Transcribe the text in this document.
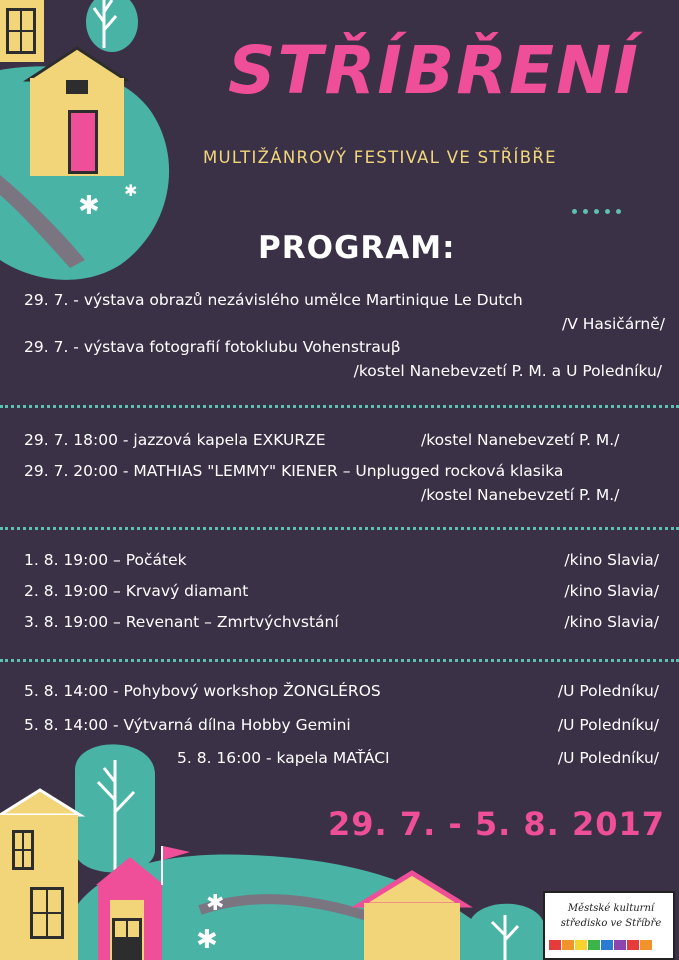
✱
✱
✱
✱
STŘÍBŘENÍ
MULTIŽÁNROVÝ FESTIVAL VE STŘÍBŘE
PROGRAM:
29. 7. - výstava obrazů nezávislého umělce Martinique Le Dutch
/V Hasičárně/
29. 7. - výstava fotografií fotoklubu Vohenstrauβ
/kostel Nanebevzetí P. M. a U Poledníku/
29. 7. 18:00 - jazzová kapela EXKURZE	/kostel Nanebevzetí P. M./
29. 7. 20:00 - MATHIAS "LEMMY" KIENER – Unplugged rocková klasika
/kostel Nanebevzetí P. M./
1. 8. 19:00 – Počátek	/kino Slavia/
2. 8. 19:00 – Krvavý diamant	/kino Slavia/
3. 8. 19:00 – Revenant – Zmrtvýchvstání	/kino Slavia/
5. 8. 14:00 - Pohybový workshop ŽONGLÉROS	/U Poledníku/
5. 8. 14:00 - Výtvarná dílna Hobby Gemini	/U Poledníku/
5. 8. 16:00 - kapela MAŤÁCI	/U Poledníku/
29. 7. - 5. 8. 2017
Městské kulturní
středisko ve Stříbře
